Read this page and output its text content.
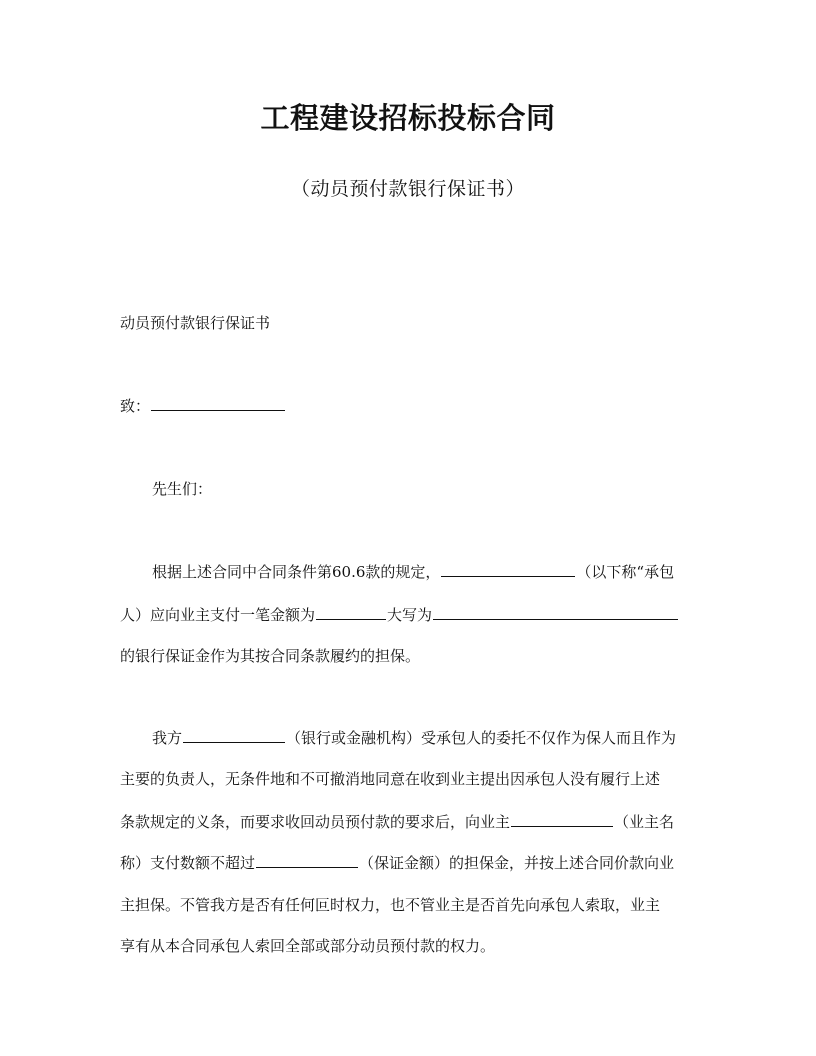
工程建设招标投标合同
（动员预付款银行保证书）
动员预付款银行保证书
致：
先生们：
根据上述合同中合同条件第60.6款的规定，	（以下称“承包
人）应向业主支付一笔金额为	大写为
的银行保证金作为其按合同条款履约的担保。
我方	（银行或金融机构）受承包人的委托不仅作为保人而且作为
主要的负责人，无条件地和不可撤消地同意在收到业主提出因承包人没有履行上述
条款规定的义条，而要求收回动员预付款的要求后，向业主	（业主名
称）支付数额不超过	（保证金额）的担保金，并按上述合同价款向业
主担保。不管我方是否有任何叵时权力，也不管业主是否首先向承包人索取，业主
享有从本合同承包人索回全部或部分动员预付款的权力。
